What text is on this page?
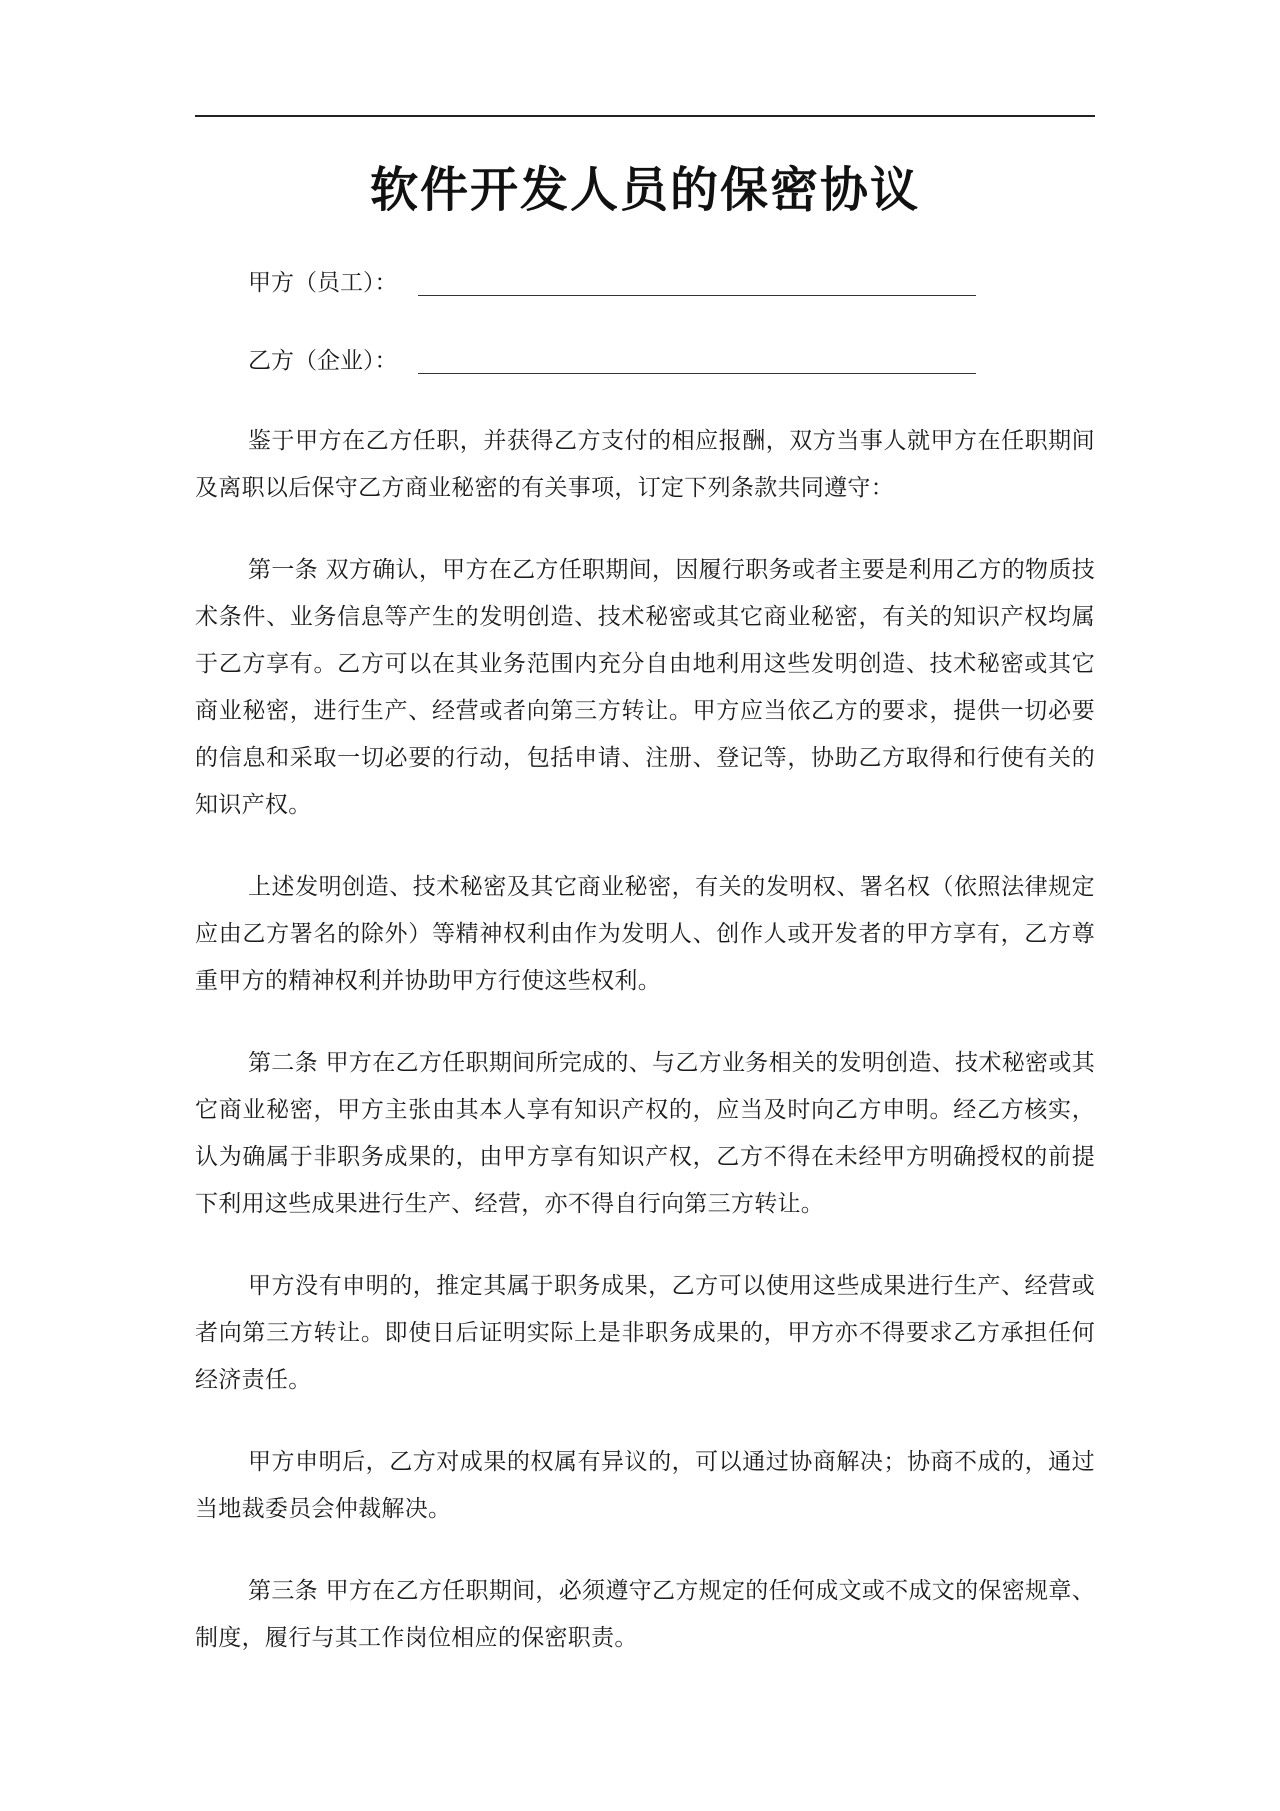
软件开发人员的保密协议
甲方（员工）：
乙方（企业）：

鉴于甲方在乙方任职，并获得乙方支付的相应报酬，双方当事人就甲方在任职期间及离职以后保守乙方商业秘密的有关事项，订定下列条款共同遵守：

第一条 双方确认，甲方在乙方任职期间，因履行职务或者主要是利用乙方的物质技术条件、业务信息等产生的发明创造、技术秘密或其它商业秘密，有关的知识产权均属于乙方享有。乙方可以在其业务范围内充分自由地利用这些发明创造、技术秘密或其它商业秘密，进行生产、经营或者向第三方转让。甲方应当依乙方的要求，提供一切必要的信息和采取一切必要的行动，包括申请、注册、登记等，协助乙方取得和行使有关的知识产权。

上述发明创造、技术秘密及其它商业秘密，有关的发明权、署名权（依照法律规定应由乙方署名的除外）等精神权利由作为发明人、创作人或开发者的甲方享有，乙方尊重甲方的精神权利并协助甲方行使这些权利。

第二条 甲方在乙方任职期间所完成的、与乙方业务相关的发明创造、技术秘密或其它商业秘密，甲方主张由其本人享有知识产权的，应当及时向乙方申明。经乙方核实，认为确属于非职务成果的，由甲方享有知识产权，乙方不得在未经甲方明确授权的前提下利用这些成果进行生产、经营，亦不得自行向第三方转让。

甲方没有申明的，推定其属于职务成果，乙方可以使用这些成果进行生产、经营或者向第三方转让。即使日后证明实际上是非职务成果的，甲方亦不得要求乙方承担任何经济责任。

甲方申明后，乙方对成果的权属有异议的，可以通过协商解决；协商不成的，通过当地裁委员会仲裁解决。

第三条 甲方在乙方任职期间，必须遵守乙方规定的任何成文或不成文的保密规章、制度，履行与其工作岗位相应的保密职责。
